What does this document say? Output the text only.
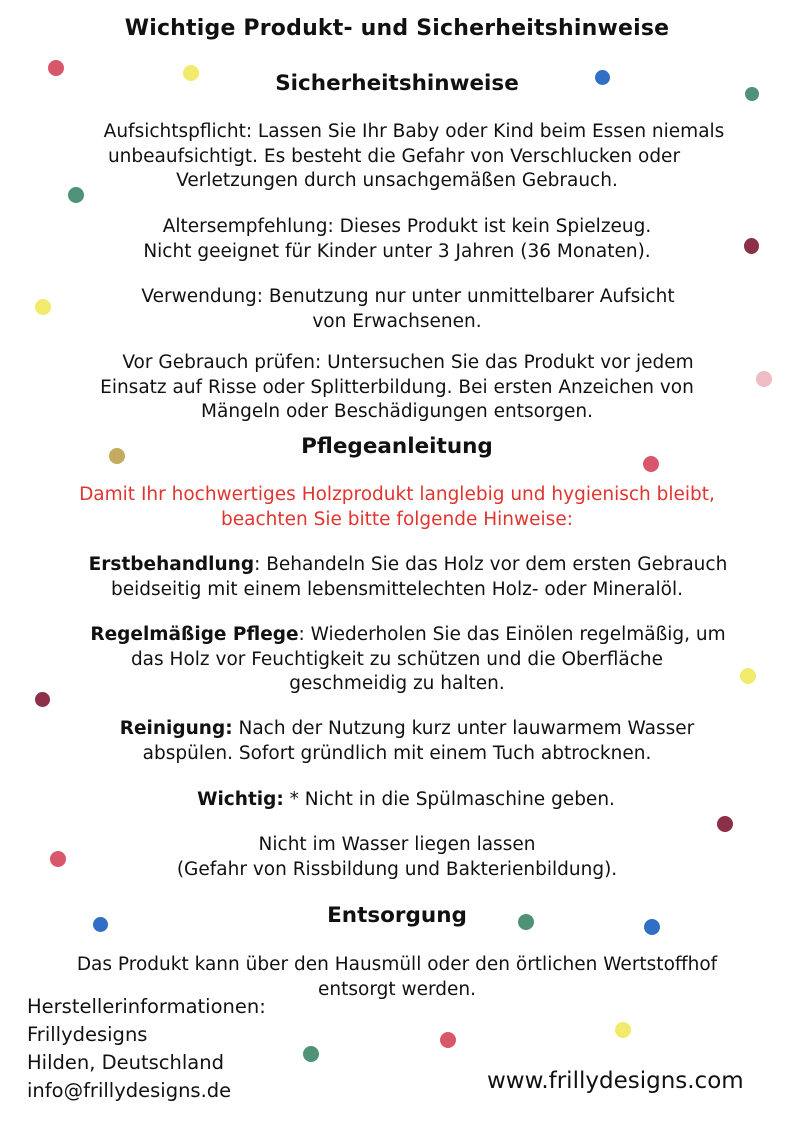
Wichtige Produkt- und Sicherheitshinweise
Sicherheitshinweise
Aufsichtspflicht: Lassen Sie Ihr Baby oder Kind beim Essen niemals
unbeaufsichtigt. Es besteht die Gefahr von Verschlucken oder
Verletzungen durch unsachgemäßen Gebrauch.
Altersempfehlung: Dieses Produkt ist kein Spielzeug.
Nicht geeignet für Kinder unter 3 Jahren (36 Monaten).
Verwendung: Benutzung nur unter unmittelbarer Aufsicht
von Erwachsenen.
Vor Gebrauch prüfen: Untersuchen Sie das Produkt vor jedem
Einsatz auf Risse oder Splitterbildung. Bei ersten Anzeichen von
Mängeln oder Beschädigungen entsorgen.
Pflegeanleitung
Damit Ihr hochwertiges Holzprodukt langlebig und hygienisch bleibt,
beachten Sie bitte folgende Hinweise:
Erstbehandlung: Behandeln Sie das Holz vor dem ersten Gebrauch
beidseitig mit einem lebensmittelechten Holz- oder Mineralöl.
Regelmäßige Pflege: Wiederholen Sie das Einölen regelmäßig, um
das Holz vor Feuchtigkeit zu schützen und die Oberfläche
geschmeidig zu halten.
Reinigung: Nach der Nutzung kurz unter lauwarmem Wasser
abspülen. Sofort gründlich mit einem Tuch abtrocknen.
Wichtig: * Nicht in die Spülmaschine geben.
Nicht im Wasser liegen lassen
(Gefahr von Rissbildung und Bakterienbildung).
Entsorgung
Das Produkt kann über den Hausmüll oder den örtlichen Wertstoffhof
entsorgt werden.
Herstellerinformationen:
Frillydesigns
Hilden, Deutschland
info@frillydesigns.de	www.frillydesigns.com
